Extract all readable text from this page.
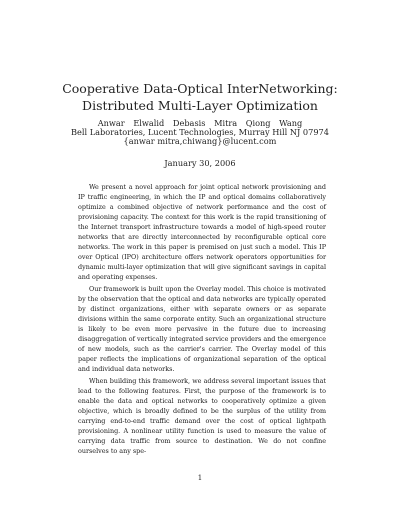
Cooperative Data-Optical InterNetworking:
Distributed Multi-Layer Optimization
Anwar Elwalid Debasis Mitra Qiong Wang
Bell Laboratories, Lucent Technologies, Murray Hill NJ 07974
{anwar mitra,chiwang}@lucent.com
January 30, 2006

We present a novel approach for joint optical network provisioning and IP traffic engineering, in which the IP and optical domains collaboratively optimize a combined objective of network performance and the cost of provisioning capacity. The context for this work is the rapid transitioning of the Internet transport infrastructure towards a model of high-speed router networks that are directly interconnected by reconfigurable optical core networks. The work in this paper is premised on just such a model. This IP over Optical (IPO) architecture offers network operators opportunities for dynamic multi-layer optimization that will give significant savings in capital and operating expenses.

Our framework is built upon the Overlay model. This choice is motivated by the observation that the optical and data networks are typically operated by distinct organizations, either with separate owners or as separate divisions within the same corporate entity. Such an organizational structure is likely to be even more pervasive in the future due to increasing disaggregation of vertically integrated service providers and the emergence of new models, such as the carrier's carrier. The Overlay model of this paper reflects the implications of organizational separation of the optical and individual data networks.

When building this framework, we address several important issues that lead to the following features. First, the purpose of the framework is to enable the data and optical networks to cooperatively optimize a given objective, which is broadly defined to be the surplus of the utility from carrying end-to-end traffic demand over the cost of optical lightpath provisioning. A nonlinear utility function is used to measure the value of carrying data traffic from source to destination. We do not confine ourselves to any spe-

1
